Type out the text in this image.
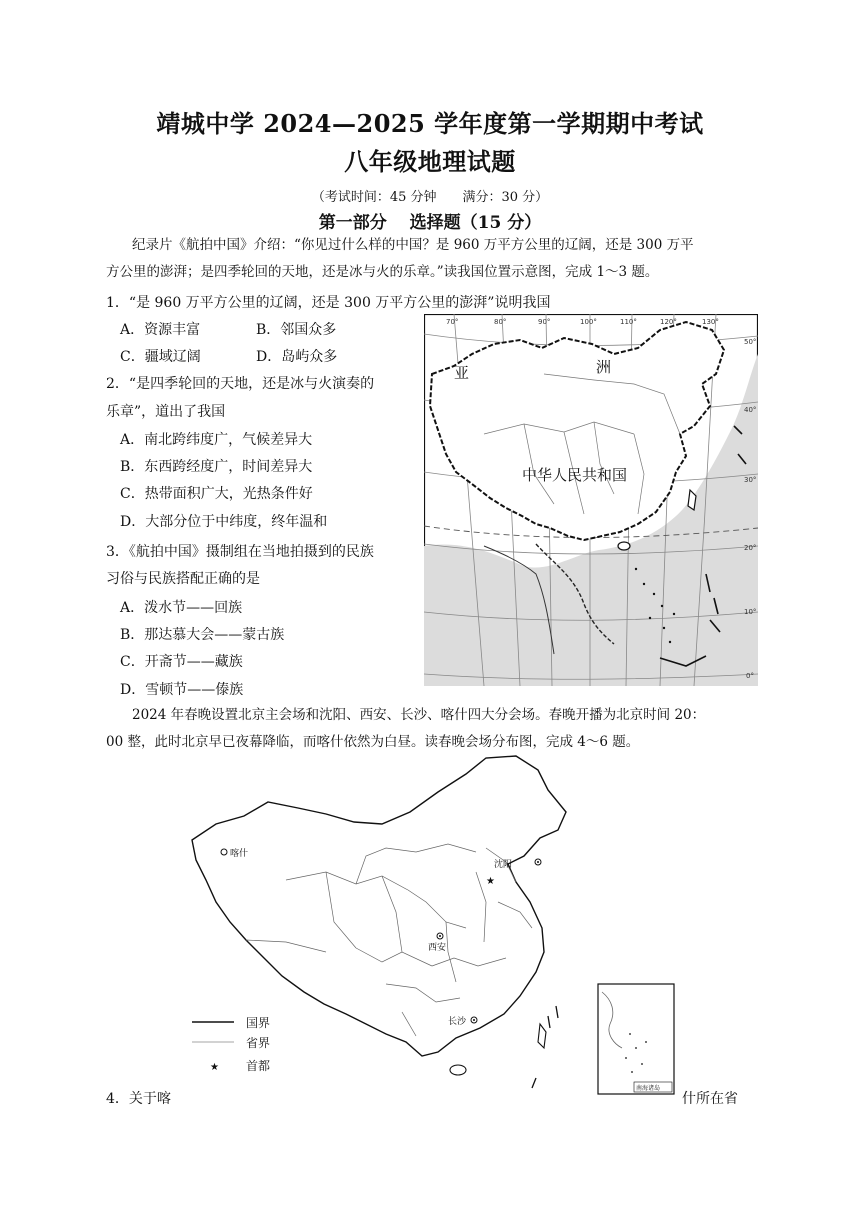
靖城中学 2024—2025 学年度第一学期期中考试
八年级地理试题
（考试时间：45 分钟　　满分：30 分）
第一部分　 选择题（15 分）
纪录片《航拍中国》介绍：“你见过什么样的中国？是 960 万平方公里的辽阔，还是 300 万平
方公里的澎湃；是四季轮回的天地，还是冰与火的乐章。”读我国位置示意图，完成 1～3 题。
1．“是 960 万平方公里的辽阔，还是 300 万平方公里的澎湃”说明我国
A．资源丰富	B．邻国众多
C．疆域辽阔	D．岛屿众多
2．“是四季轮回的天地，还是冰与火演奏的
乐章”，道出了我国
A．南北跨纬度广，气候差异大
B．东西跨经度广，时间差异大
C．热带面积广大，光热条件好
D．大部分位于中纬度，终年温和
3．《航拍中国》摄制组在当地拍摄到的民族
习俗与民族搭配正确的是
A．泼水节——回族
B．那达慕大会——蒙古族
C．开斋节——藏族
D．雪顿节——傣族
亚	洲
中华人民共和国
70°	80°	90°	100°	110°	120°	130°
50°
40°
30°
20°
10°
0°
2024 年春晚设置北京主会场和沈阳、西安、长沙、喀什四大分会场。春晚开播为北京时间 20：
00 整，此时北京早已夜幕降临，而喀什依然为白昼。读春晚会场分布图，完成 4～6 题。
南海诸岛
喀什
沈阳
★
西安
长沙
国界
省界
★ 首都
4．关于喀	什所在省
